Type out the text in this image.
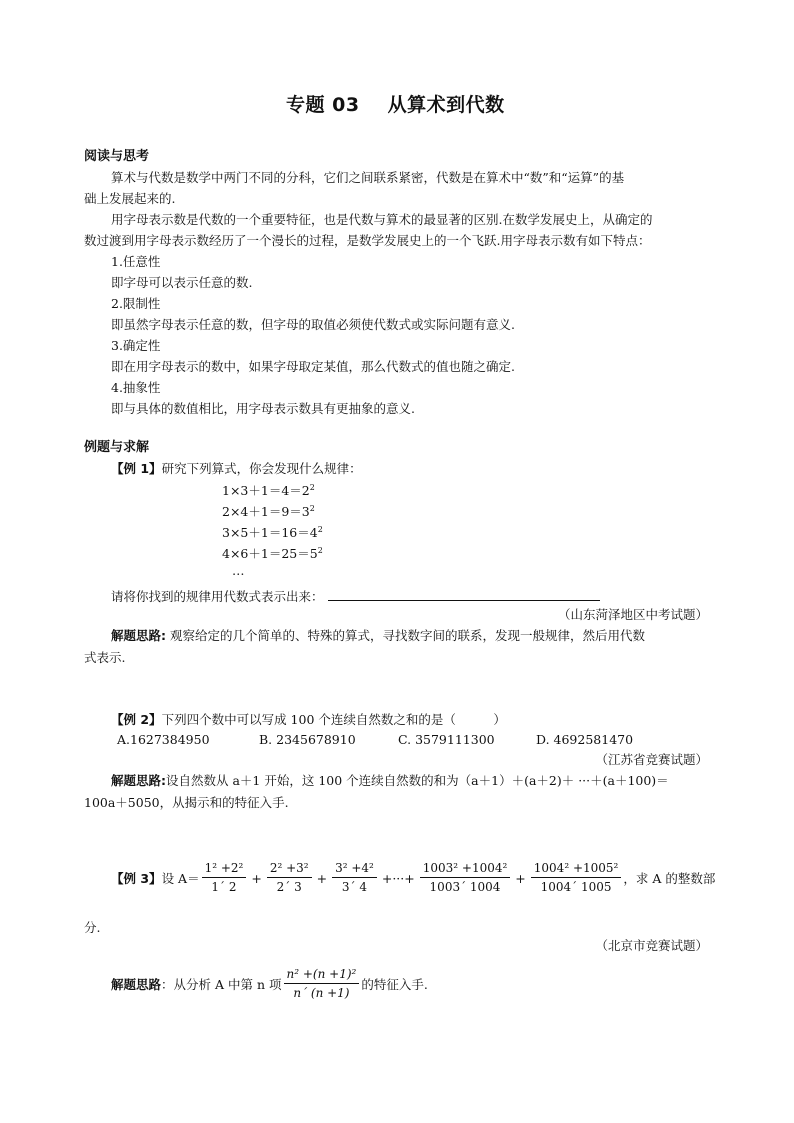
专题 03 从算术到代数
阅读与思考
算术与代数是数学中两门不同的分科，它们之间联系紧密，代数是在算术中“数”和“运算”的基
础上发展起来的.
用字母表示数是代数的一个重要特征，也是代数与算术的最显著的区别.在数学发展史上，从确定的
数过渡到用字母表示数经历了一个漫长的过程，是数学发展史上的一个飞跃.用字母表示数有如下特点：
1.任意性
即字母可以表示任意的数.
2.限制性
即虽然字母表示任意的数，但字母的取值必须使代数式或实际问题有意义.
3.确定性
即在用字母表示的数中，如果字母取定某值，那么代数式的值也随之确定.
4.抽象性
即与具体的数值相比，用字母表示数具有更抽象的意义.
例题与求解
【例 1】研究下列算式，你会发现什么规律：
$1\times 3+1=4=2^2$
$2\times 4+1=9=3^2$
$3\times 5+1=16=4^2$
$4\times 6+1=25=5^2$
…
请将你找到的规律用代数式表示出来：
（山东菏泽地区中考试题）
解题思路: 观察给定的几个简单的、特殊的算式，寻找数字间的联系，发现一般规律，然后用代数
式表示.
【例 2】下列四个数中可以写成 100 个连续自然数之和的是（　　　）
A.1627384950	B. 2345678910	C. 3579111300	D. 4692581470
（江苏省竞赛试题）
解题思路:设自然数从 a＋1 开始，这 100 个连续自然数的和为（a＋1）＋(a＋2)＋ ···＋(a＋100)＝
100a＋5050，从揭示和的特征入手.
【例 3】 设 $A= \frac{\text{1² +2²}}{1´ 2} + \frac{\text{2² +3²}}{2´ 3} + \frac{\text{3² +4²}}{3´ 4}$ +···+ $\frac{\text{1003² +1004²}}{1003´ 1004} + \frac{\text{1004² +1005²}}{1004´ 1005}$ ，求 A 的整数部
分.
（北京市竞赛试题）
解题思路 ：从分析 A 中第 n 项 $\frac{\text{n² +(n +1)²}}{n´ (n +1)}$ 的特征入手.
